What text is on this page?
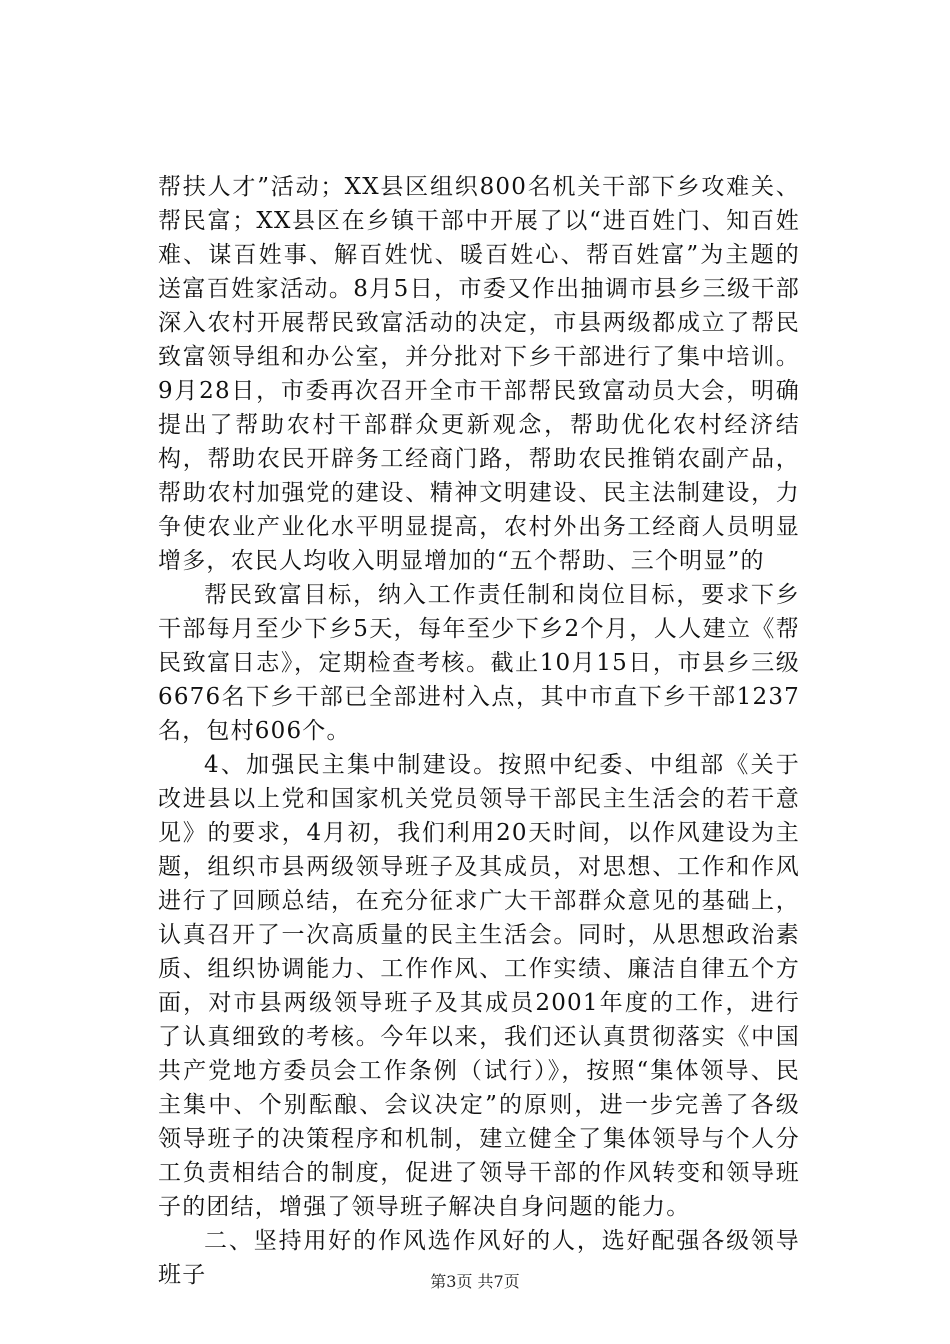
帮扶人才”活动；XX县区组织800名机关干部下乡攻难关、帮民富；XX县区在乡镇干部中开展了以“进百姓门、知百姓难、谋百姓事、解百姓忧、暖百姓心、帮百姓富”为主题的送富百姓家活动。8月5日，市委又作出抽调市县乡三级干部深入农村开展帮民致富活动的决定，市县两级都成立了帮民致富领导组和办公室，并分批对下乡干部进行了集中培训。9月28日，市委再次召开全市干部帮民致富动员大会，明确提出了帮助农村干部群众更新观念，帮助优化农村经济结构，帮助农民开辟务工经商门路，帮助农民推销农副产品，帮助农村加强党的建设、精神文明建设、民主法制建设，力争使农业产业化水平明显提高，农村外出务工经商人员明显增多，农民人均收入明显增加的“五个帮助、三个明显”的

帮民致富目标，纳入工作责任制和岗位目标，要求下乡干部每月至少下乡5天，每年至少下乡2个月，人人建立《帮民致富日志》，定期检查考核。截止10月15日，市县乡三级6676名下乡干部已全部进村入点，其中市直下乡干部1237名，包村606个。

4、加强民主集中制建设。按照中纪委、中组部《关于改进县以上党和国家机关党员领导干部民主生活会的若干意见》的要求，4月初，我们利用20天时间，以作风建设为主题，组织市县两级领导班子及其成员，对思想、工作和作风进行了回顾总结，在充分征求广大干部群众意见的基础上，认真召开了一次高质量的民主生活会。同时，从思想政治素质、组织协调能力、工作作风、工作实绩、廉洁自律五个方面，对市县两级领导班子及其成员2001年度的工作，进行了认真细致的考核。今年以来，我们还认真贯彻落实《中国共产党地方委员会工作条例（试行）》，按照“集体领导、民主集中、个别酝酿、会议决定”的原则，进一步完善了各级领导班子的决策程序和机制，建立健全了集体领导与个人分工负责相结合的制度，促进了领导干部的作风转变和领导班子的团结，增强了领导班子解决自身问题的能力。

二、坚持用好的作风选作风好的人，选好配强各级领导班子	第3页 共7页
